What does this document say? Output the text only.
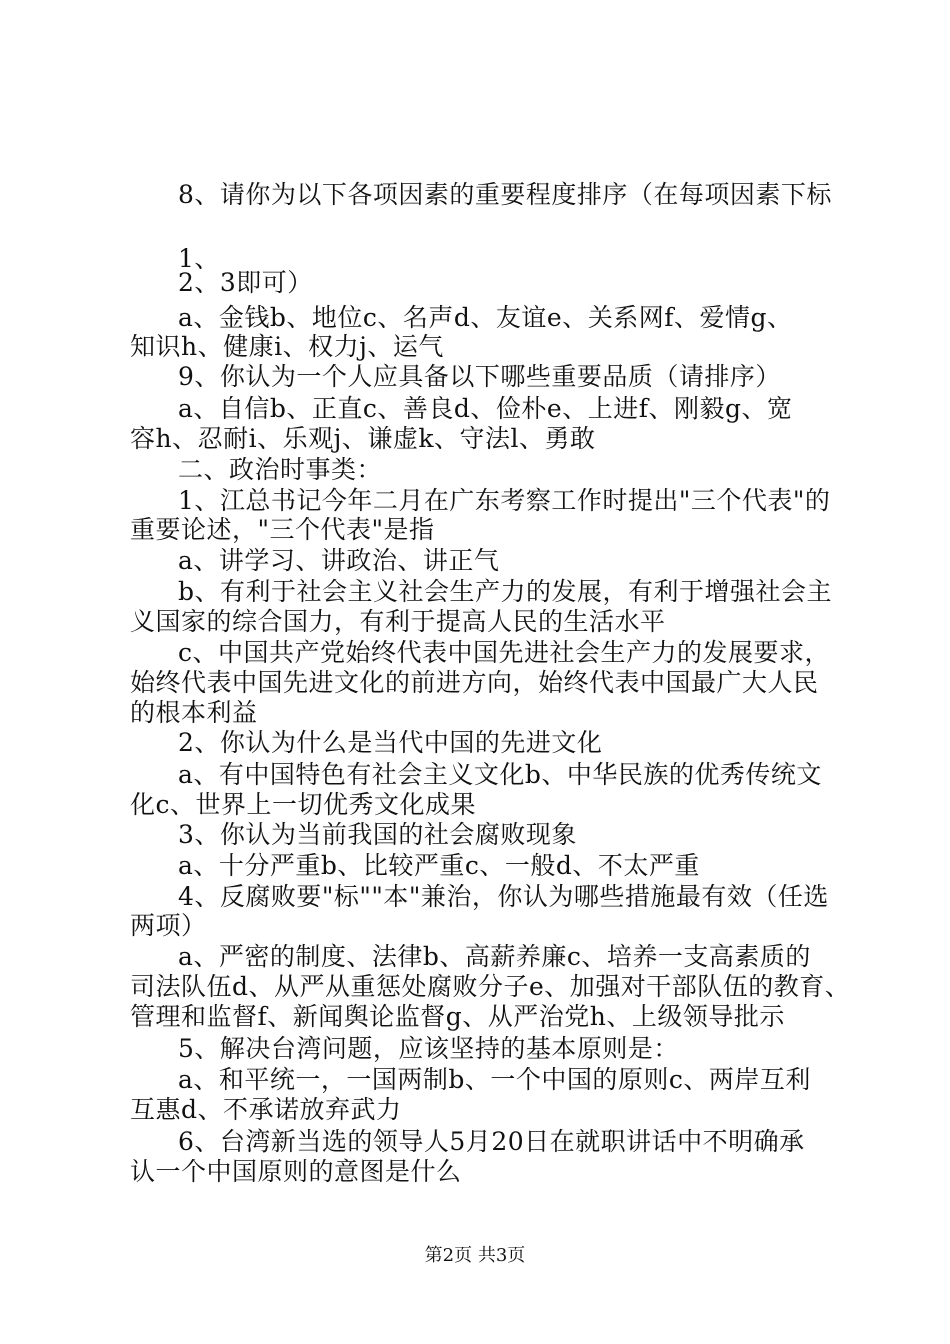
8、请你为以下各项因素的重要程度排序（在每项因素下标
1、
2、3即可）
a、金钱b、地位c、名声d、友谊e、关系网f、爱情g、
知识h、健康i、权力j、运气
9、你认为一个人应具备以下哪些重要品质（请排序）
a、自信b、正直c、善良d、俭朴e、上进f、刚毅g、宽
容h、忍耐i、乐观j、谦虚k、守法l、勇敢
二、政治时事类：
1、江总书记今年二月在广东考察工作时提出"三个代表"的
重要论述，"三个代表"是指
a、讲学习、讲政治、讲正气
b、有利于社会主义社会生产力的发展，有利于增强社会主
义国家的综合国力，有利于提高人民的生活水平
c、中国共产党始终代表中国先进社会生产力的发展要求，
始终代表中国先进文化的前进方向，始终代表中国最广大人民
的根本利益
2、你认为什么是当代中国的先进文化
a、有中国特色有社会主义文化b、中华民族的优秀传统文
化c、世界上一切优秀文化成果
3、你认为当前我国的社会腐败现象
a、十分严重b、比较严重c、一般d、不太严重
4、反腐败要"标""本"兼治，你认为哪些措施最有效（任选
两项）
a、严密的制度、法律b、高薪养廉c、培养一支高素质的
司法队伍d、从严从重惩处腐败分子e、加强对干部队伍的教育、
管理和监督f、新闻舆论监督g、从严治党h、上级领导批示
5、解决台湾问题，应该坚持的基本原则是：
a、和平统一，一国两制b、一个中国的原则c、两岸互利
互惠d、不承诺放弃武力
6、台湾新当选的领导人5月20日在就职讲话中不明确承
认一个中国原则的意图是什么
第2页 共3页
